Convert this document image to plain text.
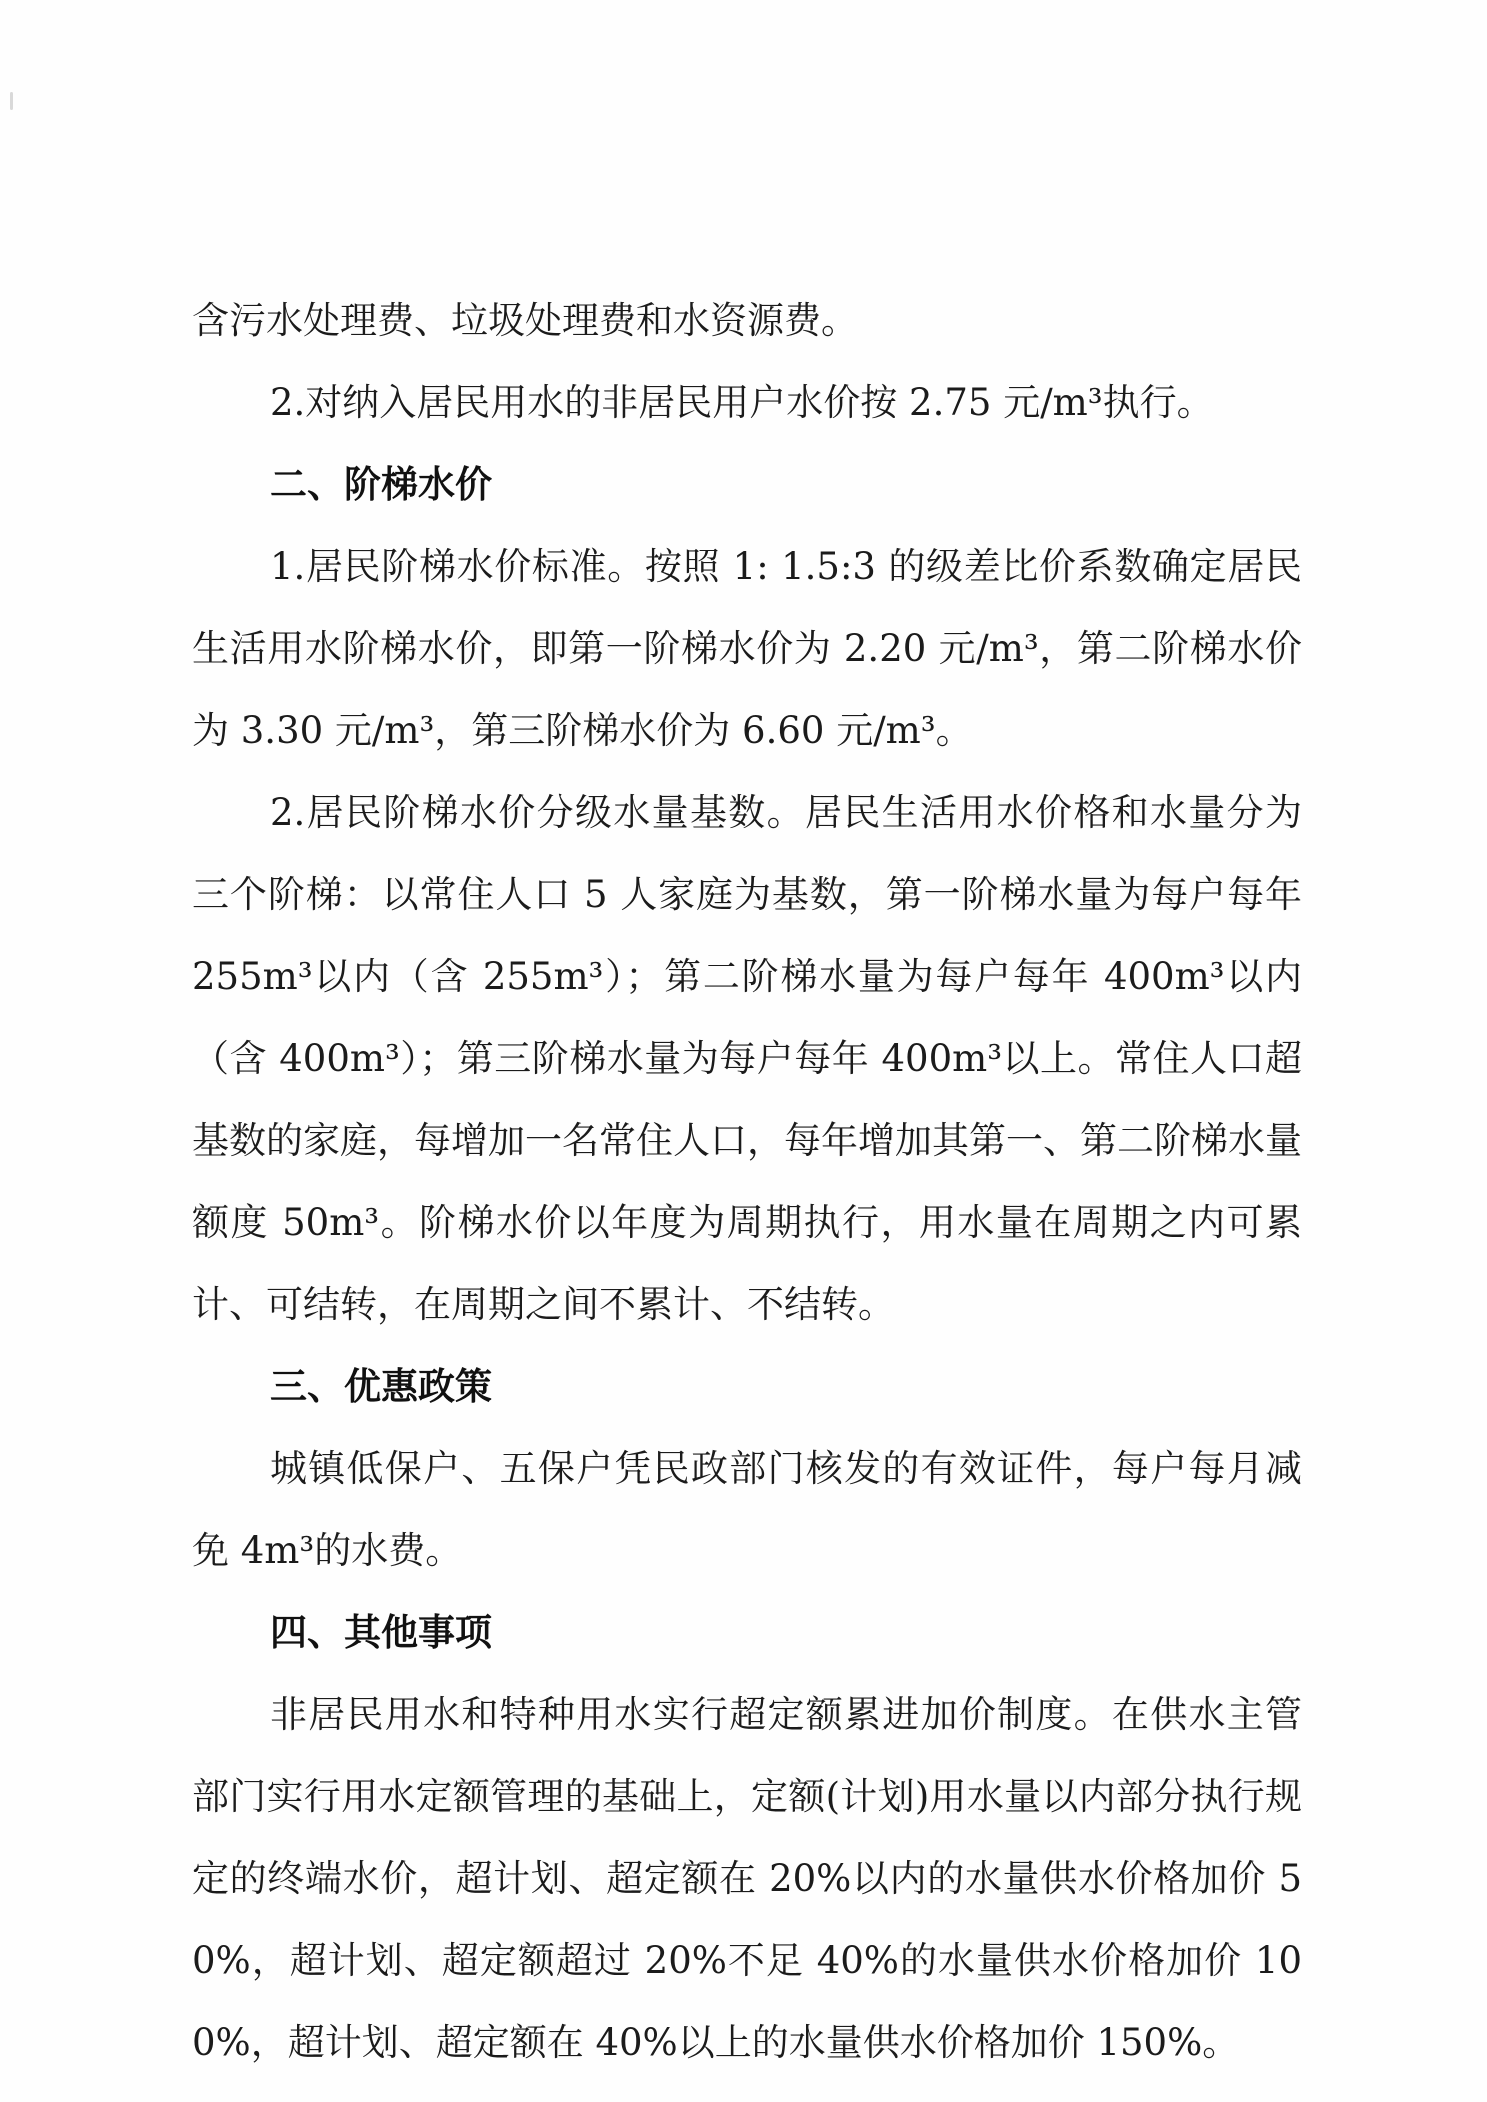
含污水处理费、垃圾处理费和水资源费。

2.对纳入居民用水的非居民用户水价按 2.75 元/m³执行。

二、阶梯水价

1.居民阶梯水价标准。按照 1: 1.5:3 的级差比价系数确定居民生活用水阶梯水价，即第一阶梯水价为 2.20 元/m³，第二阶梯水价为 3.30 元/m³，第三阶梯水价为 6.60 元/m³。

2.居民阶梯水价分级水量基数。居民生活用水价格和水量分为三个阶梯：以常住人口 5 人家庭为基数，第一阶梯水量为每户每年 255m³以内（含 255m³）；第二阶梯水量为每户每年 400m³以内（含 400m³）；第三阶梯水量为每户每年 400m³以上。常住人口超基数的家庭，每增加一名常住人口，每年增加其第一、第二阶梯水量额度 50m³。阶梯水价以年度为周期执行，用水量在周期之内可累计、可结转，在周期之间不累计、不结转。

三、优惠政策

城镇低保户、五保户凭民政部门核发的有效证件，每户每月减免 4m³的水费。

四、其他事项

非居民用水和特种用水实行超定额累进加价制度。在供水主管部门实行用水定额管理的基础上，定额(计划)用水量以内部分执行规定的终端水价，超计划、超定额在 20%以内的水量供水价格加价 50%，超计划、超定额超过 20%不足 40%的水量供水价格加价 100%，超计划、超定额在 40%以上的水量供水价格加价 150%。
